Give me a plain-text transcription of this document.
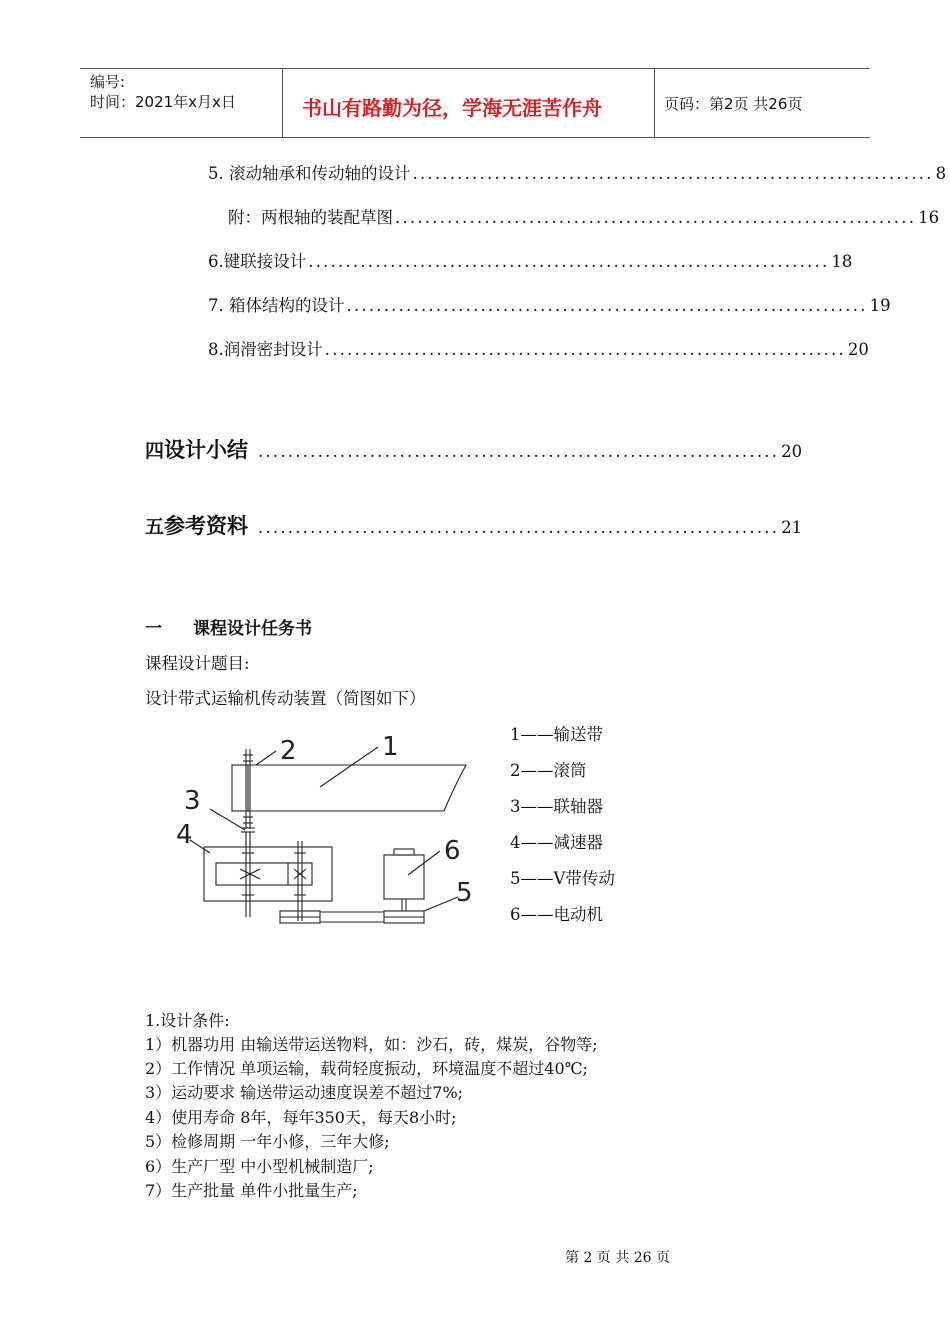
编号:
时间：2021年x月x日	书山有路勤为径，学海无涯苦作舟	页码：第2页 共26页
5. 滚动轴承和传动轴的设计 ...................................................................... 8
附：两根轴的装配草图 ...................................................................... 16
6.键联接设计 ...................................................................... 18
7. 箱体结构的设计 ...................................................................... 19
8.润滑密封设计 ...................................................................... 20
四 设计小结 ...................................................................... 20
五 参考资料 ...................................................................... 21
一 课程设计任务书
课程设计题目:
设计带式运输机传动装置（简图如下）
1
2
3
4
5
6
1——输送带
2——滚筒
3——联轴器
4——减速器
5——V带传动
6——电动机
1.设计条件:
1）机器功用 由输送带运送物料，如：沙石，砖，煤炭，谷物等;
2）工作情况 单项运输，载荷轻度振动，环境温度不超过40℃;
3）运动要求 输送带运动速度误差不超过7%;
4）使用寿命 8年，每年350天，每天8小时;
5）检修周期 一年小修，三年大修;
6）生产厂型 中小型机械制造厂;
7）生产批量 单件小批量生产;
第 2 页 共 26 页
